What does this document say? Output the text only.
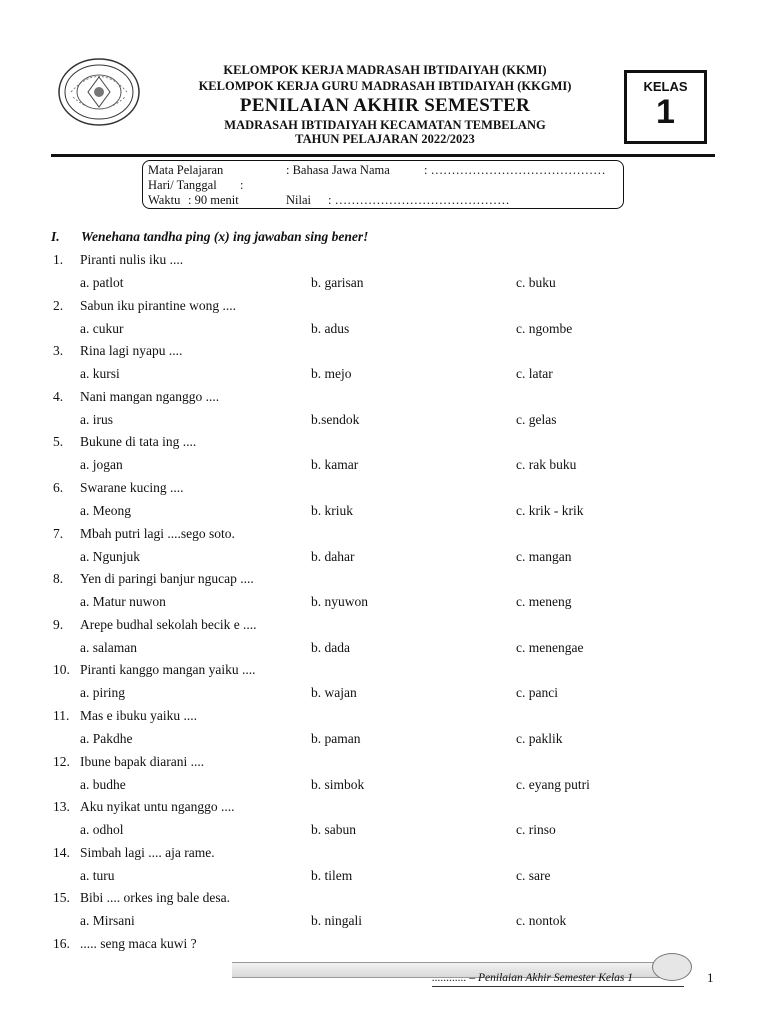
KELOMPOK KERJA MADRASAH IBTIDAIYAH (KKMI)
KELOMPOK KERJA GURU MADRASAH IBTIDAIYAH (KKGMI)
PENILAIAN AKHIR SEMESTER
MADRASAH IBTIDAIYAH KECAMATAN TEMBELANG
TAHUN PELAJARAN 2022/2023
KELAS
1
Mata Pelajaran	: Bahasa Jawa Nama	: ……………………………………
Hari/ Tanggal :
Waktu : 90 menit	Nilai : ……………………………………
I. Wenehana tandha ping (x) ing jawaban sing bener!
1. Piranti nulis iku ....
a. patlot	b. garisan	c. buku
2. Sabun iku pirantine wong ....
a. cukur	b. adus	c. ngombe
3. Rina lagi nyapu ....
a. kursi	b. mejo	c. latar
4. Nani mangan nganggo ....
a. irus	b.sendok	c. gelas
5. Bukune di tata ing ....
a. jogan	b. kamar	c. rak buku
6. Swarane kucing ....
a. Meong	b. kriuk	c. krik - krik
7. Mbah putri lagi ....sego soto.
a. Ngunjuk	b. dahar	c. mangan
8. Yen di paringi banjur ngucap ....
a. Matur nuwon	b. nyuwon	c. meneng
9. Arepe budhal sekolah becik e ....
a. salaman	b. dada	c. menengae
10. Piranti kanggo mangan yaiku ....
a. piring	b. wajan	c. panci
11. Mas e ibuku yaiku ....
a. Pakdhe	b. paman	c. paklik
12. Ibune bapak diarani ....
a. budhe	b. simbok	c. eyang putri
13. Aku nyikat untu nganggo ....
a. odhol	b. sabun	c. rinso
14. Simbah lagi .... aja rame.
a. turu	b. tilem	c. sare
15. Bibi .... orkes ing bale desa.
a. Mirsani	b. ningali	c. nontok
16. ..... seng maca kuwi ?
............ – Penilaian Akhir Semester Kelas 1	1
